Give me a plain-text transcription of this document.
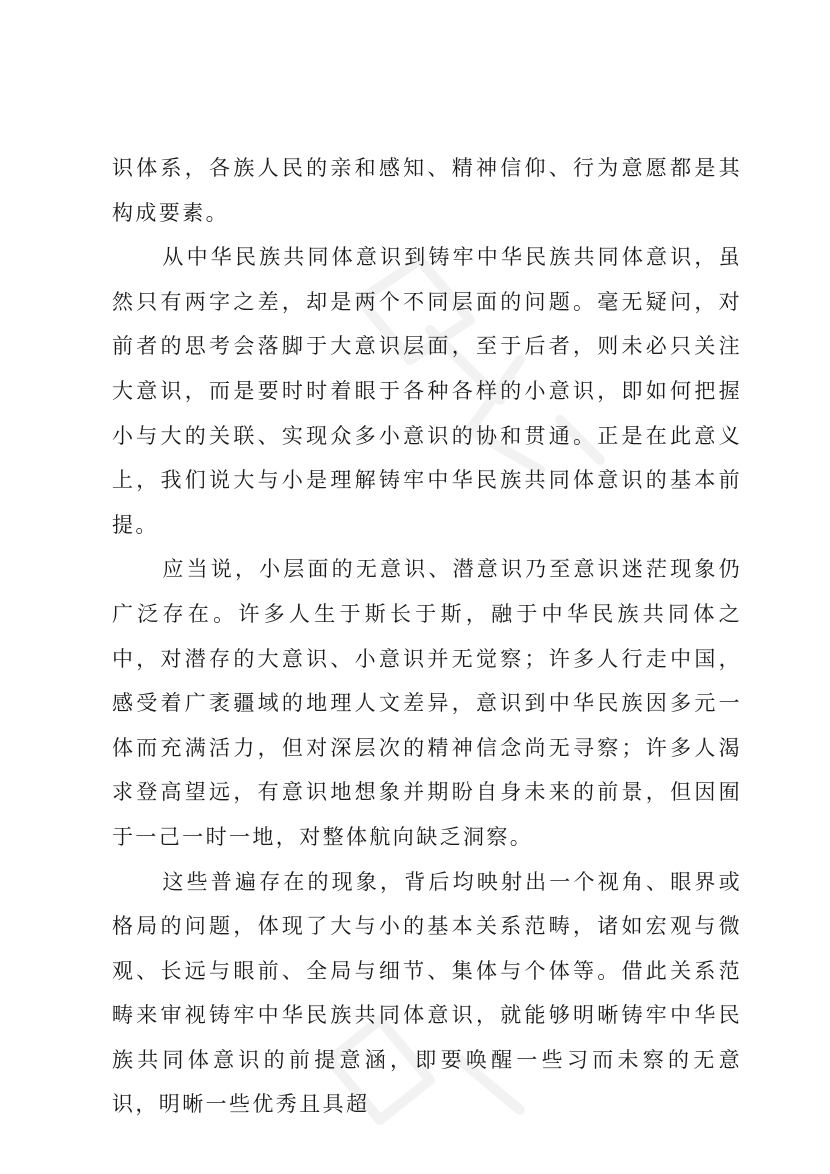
识体系，各族人民的亲和感知、精神信仰、行为意愿都是其构成要素。

从中华民族共同体意识到铸牢中华民族共同体意识，虽然只有两字之差，却是两个不同层面的问题。毫无疑问，对前者的思考会落脚于大意识层面，至于后者，则未必只关注大意识，而是要时时着眼于各种各样的小意识，即如何把握小与大的关联、实现众多小意识的协和贯通。正是在此意义上，我们说大与小是理解铸牢中华民族共同体意识的基本前提。

应当说，小层面的无意识、潜意识乃至意识迷茫现象仍广泛存在。许多人生于斯长于斯，融于中华民族共同体之中，对潜存的大意识、小意识并无觉察；许多人行走中国，感受着广袤疆域的地理人文差异，意识到中华民族因多元一体而充满活力，但对深层次的精神信念尚无寻察；许多人渴求登高望远，有意识地想象并期盼自身未来的前景，但因囿于一己一时一地，对整体航向缺乏洞察。

这些普遍存在的现象，背后均映射出一个视角、眼界或格局的问题，体现了大与小的基本关系范畴，诸如宏观与微观、长远与眼前、全局与细节、集体与个体等。借此关系范畴来审视铸牢中华民族共同体意识，就能够明晰铸牢中华民族共同体意识的前提意涵，即要唤醒一些习而未察的无意识，明晰一些优秀且具超
